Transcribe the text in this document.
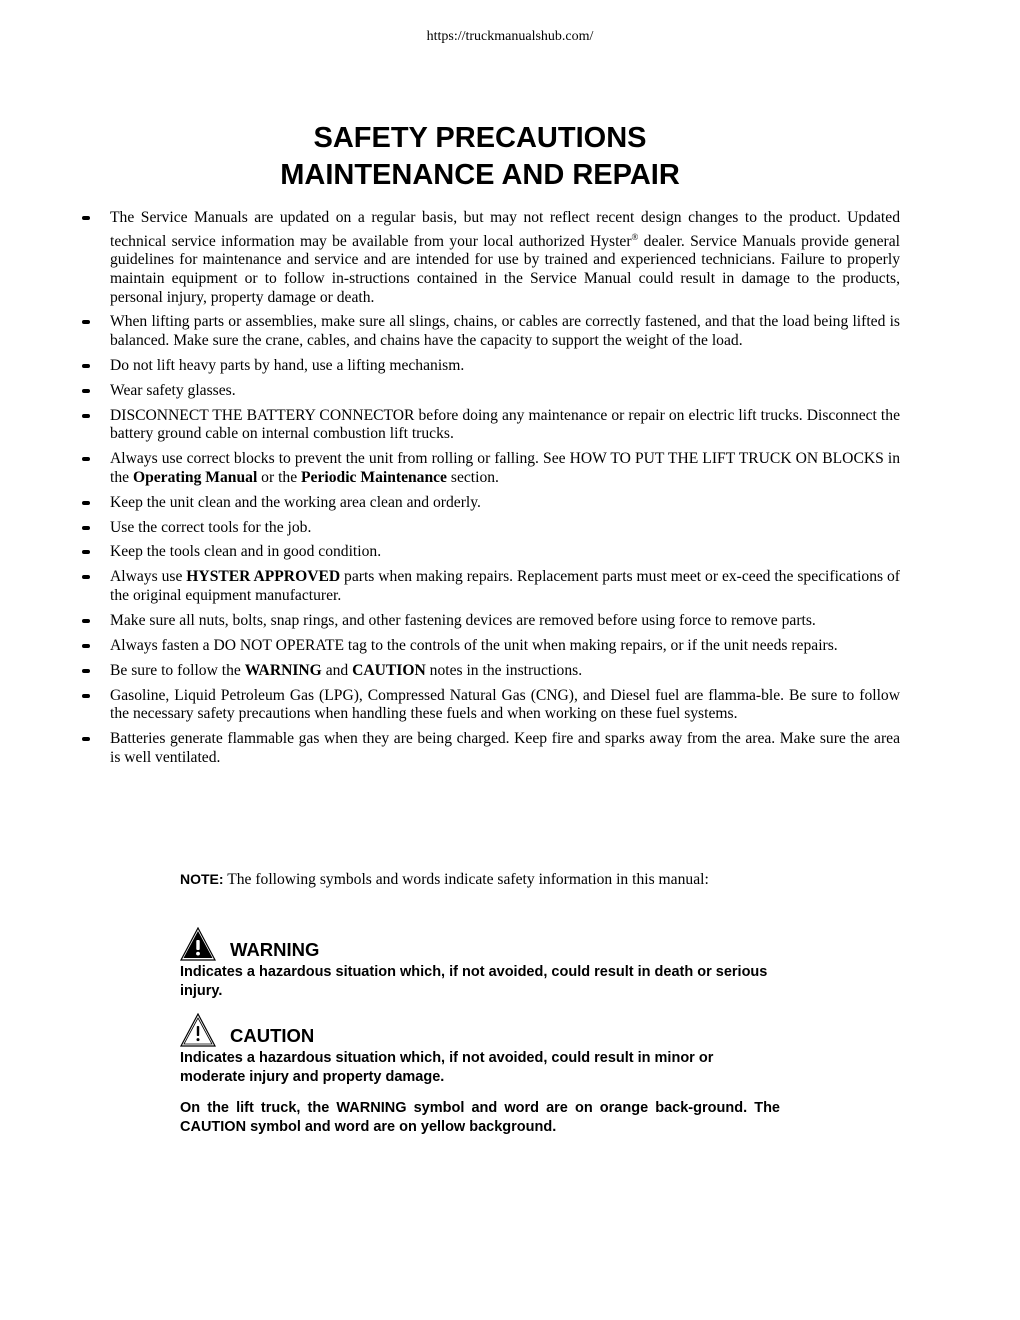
https://truckmanualshub.com/
SAFETY PRECAUTIONS
MAINTENANCE AND REPAIR
The Service Manuals are updated on a regular basis, but may not reflect recent design changes to the product. Updated technical service information may be available from your local authorized Hyster® dealer. Service Manuals provide general guidelines for maintenance and service and are intended for use by trained and experienced technicians. Failure to properly maintain equipment or to follow in-structions contained in the Service Manual could result in damage to the products, personal injury, property damage or death.
When lifting parts or assemblies, make sure all slings, chains, or cables are correctly fastened, and that the load being lifted is balanced. Make sure the crane, cables, and chains have the capacity to support the weight of the load.
Do not lift heavy parts by hand, use a lifting mechanism.
Wear safety glasses.
DISCONNECT THE BATTERY CONNECTOR before doing any maintenance or repair on electric lift trucks. Disconnect the battery ground cable on internal combustion lift trucks.
Always use correct blocks to prevent the unit from rolling or falling. See HOW TO PUT THE LIFT TRUCK ON BLOCKS in the Operating Manual or the Periodic Maintenance section.
Keep the unit clean and the working area clean and orderly.
Use the correct tools for the job.
Keep the tools clean and in good condition.
Always use HYSTER APPROVED parts when making repairs. Replacement parts must meet or ex-ceed the specifications of the original equipment manufacturer.
Make sure all nuts, bolts, snap rings, and other fastening devices are removed before using force to remove parts.
Always fasten a DO NOT OPERATE tag to the controls of the unit when making repairs, or if the unit needs repairs.
Be sure to follow the WARNING and CAUTION notes in the instructions.
Gasoline, Liquid Petroleum Gas (LPG), Compressed Natural Gas (CNG), and Diesel fuel are flamma-ble. Be sure to follow the necessary safety precautions when handling these fuels and when working on these fuel systems.
Batteries generate flammable gas when they are being charged. Keep fire and sparks away from the area. Make sure the area is well ventilated.
NOTE: The following symbols and words indicate safety information in this manual:
WARNING
Indicates a hazardous situation which, if not avoided, could result in death or serious injury.
CAUTION
Indicates a hazardous situation which, if not avoided, could result in minor or moderate injury and property damage.
On the lift truck, the WARNING symbol and word are on orange back-ground. The CAUTION symbol and word are on yellow background.
